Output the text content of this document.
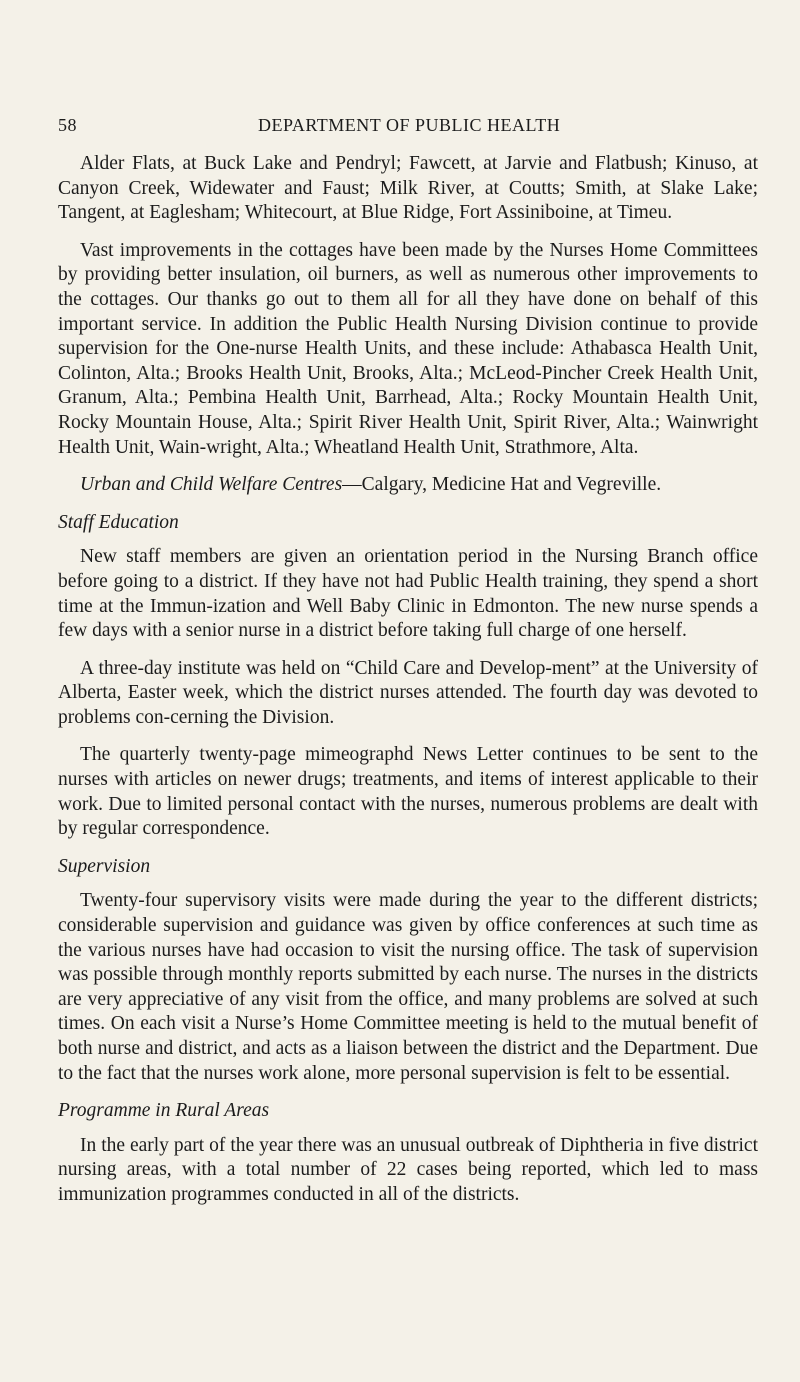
58	DEPARTMENT OF PUBLIC HEALTH

Alder Flats, at Buck Lake and Pendryl; Fawcett, at Jarvie and Flatbush; Kinuso, at Canyon Creek, Widewater and Faust; Milk River, at Coutts; Smith, at Slake Lake; Tangent, at Eaglesham; Whitecourt, at Blue Ridge, Fort Assiniboine, at Timeu.

Vast improvements in the cottages have been made by the Nurses Home Committees by providing better insulation, oil burners, as well as numerous other improvements to the cottages. Our thanks go out to them all for all they have done on behalf of this important service. In addition the Public Health Nursing Division continue to provide supervision for the One-nurse Health Units, and these include: Athabasca Health Unit, Colinton, Alta.; Brooks Health Unit, Brooks, Alta.; McLeod-Pincher Creek Health Unit, Granum, Alta.; Pembina Health Unit, Barrhead, Alta.; Rocky Mountain Health Unit, Rocky Mountain House, Alta.; Spirit River Health Unit, Spirit River, Alta.; Wainwright Health Unit, Wain-wright, Alta.; Wheatland Health Unit, Strathmore, Alta.

Urban and Child Welfare Centres—Calgary, Medicine Hat and Vegreville.

Staff Education

New staff members are given an orientation period in the Nursing Branch office before going to a district. If they have not had Public Health training, they spend a short time at the Immun-ization and Well Baby Clinic in Edmonton. The new nurse spends a few days with a senior nurse in a district before taking full charge of one herself.

A three-day institute was held on “Child Care and Develop-ment” at the University of Alberta, Easter week, which the district nurses attended. The fourth day was devoted to problems con-cerning the Division.

The quarterly twenty-page mimeographd News Letter continues to be sent to the nurses with articles on newer drugs; treatments, and items of interest applicable to their work. Due to limited personal contact with the nurses, numerous problems are dealt with by regular correspondence.

Supervision

Twenty-four supervisory visits were made during the year to the different districts; considerable supervision and guidance was given by office conferences at such time as the various nurses have had occasion to visit the nursing office. The task of supervision was possible through monthly reports submitted by each nurse. The nurses in the districts are very appreciative of any visit from the office, and many problems are solved at such times. On each visit a Nurse’s Home Committee meeting is held to the mutual benefit of both nurse and district, and acts as a liaison between the district and the Department. Due to the fact that the nurses work alone, more personal supervision is felt to be essential.

Programme in Rural Areas

In the early part of the year there was an unusual outbreak of Diphtheria in five district nursing areas, with a total number of 22 cases being reported, which led to mass immunization programmes conducted in all of the districts.
